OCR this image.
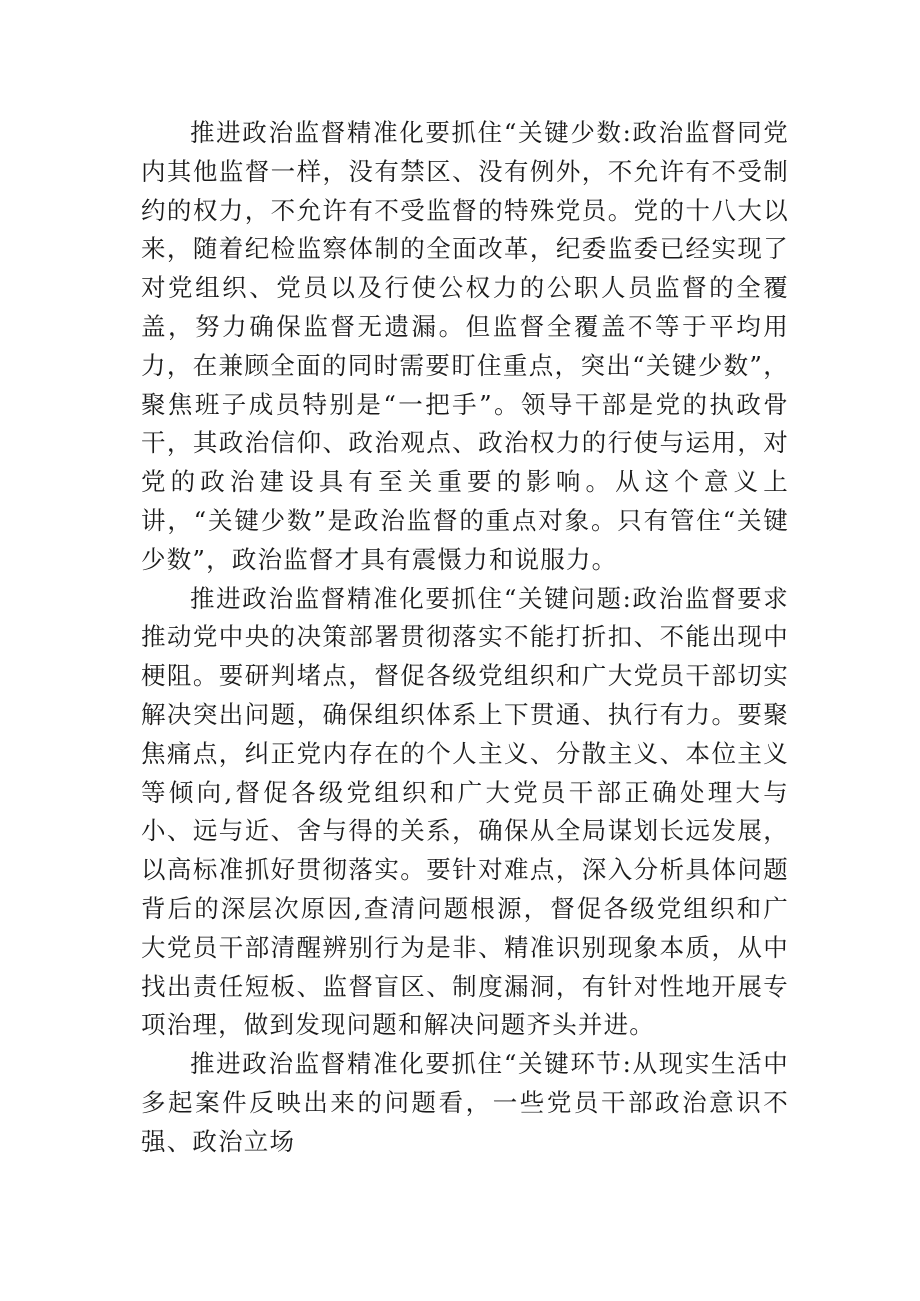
推进政治监督精准化要抓住“关键少数:政治监督同党内其他监督一样，没有禁区、没有例外，不允许有不受制约的权力，不允许有不受监督的特殊党员。党的十八大以来，随着纪检监察体制的全面改革，纪委监委已经实现了对党组织、党员以及行使公权力的公职人员监督的全覆盖，努力确保监督无遗漏。但监督全覆盖不等于平均用力，在兼顾全面的同时需要盯住重点，突出“关键少数”，聚焦班子成员特别是“一把手”。领导干部是党的执政骨干，其政治信仰、政治观点、政治权力的行使与运用，对党的政治建设具有至关重要的影响。从这个意义上讲，“关键少数”是政治监督的重点对象。只有管住“关键少数”，政治监督才具有震慑力和说服力。

推进政治监督精准化要抓住“关键问题:政治监督要求推动党中央的决策部署贯彻落实不能打折扣、不能出现中梗阻。要研判堵点，督促各级党组织和广大党员干部切实解决突出问题，确保组织体系上下贯通、执行有力。要聚焦痛点，纠正党内存在的个人主义、分散主义、本位主义等倾向,督促各级党组织和广大党员干部正确处理大与小、远与近、舍与得的关系，确保从全局谋划长远发展，以高标准抓好贯彻落实。要针对难点，深入分析具体问题背后的深层次原因,查清问题根源，督促各级党组织和广大党员干部清醒辨别行为是非、精准识别现象本质，从中找出责任短板、监督盲区、制度漏洞，有针对性地开展专项治理，做到发现问题和解决问题齐头并进。

推进政治监督精准化要抓住“关键环节:从现实生活中多起案件反映出来的问题看，一些党员干部政治意识不强、政治立场
